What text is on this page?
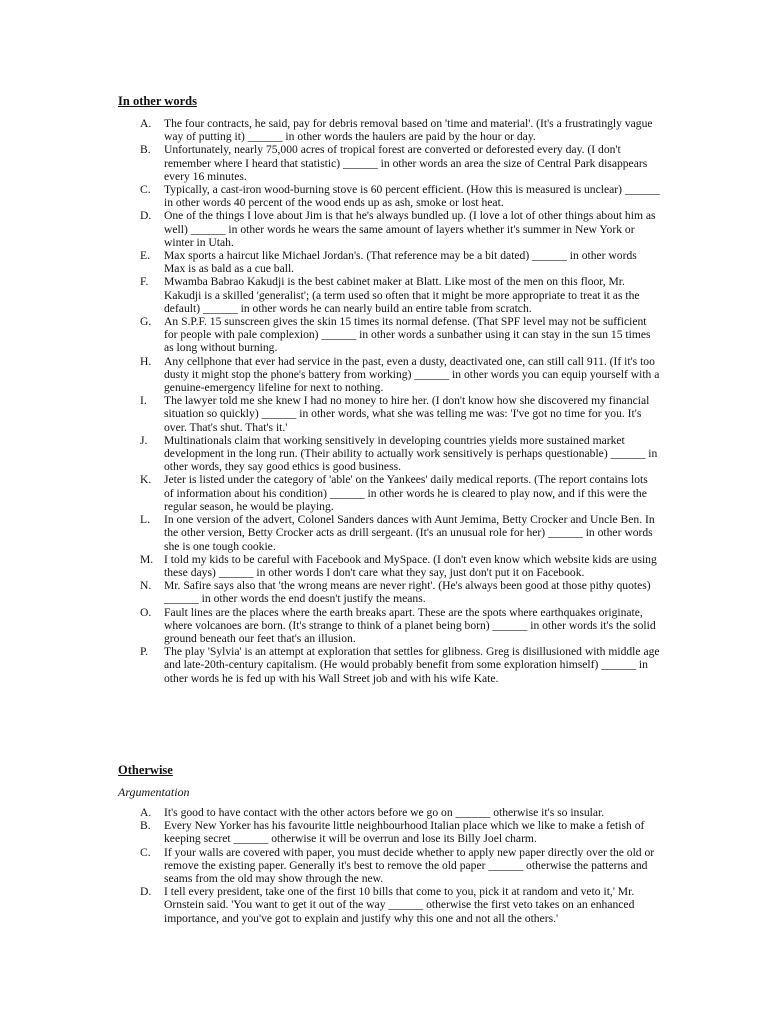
In other words
A. The four contracts, he said, pay for debris removal based on 'time and material'. (It's a frustratingly vague way of putting it) ______ in other words the haulers are paid by the hour or day.
B. Unfortunately, nearly 75,000 acres of tropical forest are converted or deforested every day. (I don't remember where I heard that statistic) ______ in other words an area the size of Central Park disappears every 16 minutes.
C. Typically, a cast-iron wood-burning stove is 60 percent efficient. (How this is measured is unclear) ______ in other words 40 percent of the wood ends up as ash, smoke or lost heat.
D. One of the things I love about Jim is that he's always bundled up. (I love a lot of other things about him as well) ______ in other words he wears the same amount of layers whether it's summer in New York or winter in Utah.
E. Max sports a haircut like Michael Jordan's. (That reference may be a bit dated) ______ in other words Max is as bald as a cue ball.
F. Mwamba Babrao Kakudji is the best cabinet maker at Blatt. Like most of the men on this floor, Mr. Kakudji is a skilled 'generalist'; (a term used so often that it might be more appropriate to treat it as the default) ______ in other words he can nearly build an entire table from scratch.
G. An S.P.F. 15 sunscreen gives the skin 15 times its normal defense. (That SPF level may not be sufficient for people with pale complexion) ______ in other words a sunbather using it can stay in the sun 15 times as long without burning.
H. Any cellphone that ever had service in the past, even a dusty, deactivated one, can still call 911. (If it's too dusty it might stop the phone's battery from working) ______ in other words you can equip yourself with a genuine-emergency lifeline for next to nothing.
I. The lawyer told me she knew I had no money to hire her. (I don't know how she discovered my financial situation so quickly) ______ in other words, what she was telling me was: 'I've got no time for you. It's over. That's shut. That's it.'
J. Multinationals claim that working sensitively in developing countries yields more sustained market development in the long run. (Their ability to actually work sensitively is perhaps questionable) ______ in other words, they say good ethics is good business.
K. Jeter is listed under the category of 'able' on the Yankees' daily medical reports. (The report contains lots of information about his condition) ______ in other words he is cleared to play now, and if this were the regular season, he would be playing.
L. In one version of the advert, Colonel Sanders dances with Aunt Jemima, Betty Crocker and Uncle Ben. In the other version, Betty Crocker acts as drill sergeant. (It's an unusual role for her) ______ in other words she is one tough cookie.
M. I told my kids to be careful with Facebook and MySpace. (I don't even know which website kids are using these days) ______ in other words I don't care what they say, just don't put it on Facebook.
N. Mr. Safire says also that 'the wrong means are never right'. (He's always been good at those pithy quotes) ______ in other words the end doesn't justify the means.
O. Fault lines are the places where the earth breaks apart. These are the spots where earthquakes originate, where volcanoes are born. (It's strange to think of a planet being born) ______ in other words it's the solid ground beneath our feet that's an illusion.
P. The play 'Sylvia' is an attempt at exploration that settles for glibness. Greg is disillusioned with middle age and late-20th-century capitalism. (He would probably benefit from some exploration himself) ______ in other words he is fed up with his Wall Street job and with his wife Kate.
Otherwise
Argumentation
A. It's good to have contact with the other actors before we go on ______ otherwise it's so insular.
B. Every New Yorker has his favourite little neighbourhood Italian place which we like to make a fetish of keeping secret ______ otherwise it will be overrun and lose its Billy Joel charm.
C. If your walls are covered with paper, you must decide whether to apply new paper directly over the old or remove the existing paper. Generally it's best to remove the old paper ______ otherwise the patterns and seams from the old may show through the new.
D. I tell every president, take one of the first 10 bills that come to you, pick it at random and veto it,' Mr. Ornstein said. 'You want to get it out of the way ______ otherwise the first veto takes on an enhanced importance, and you've got to explain and justify why this one and not all the others.'
